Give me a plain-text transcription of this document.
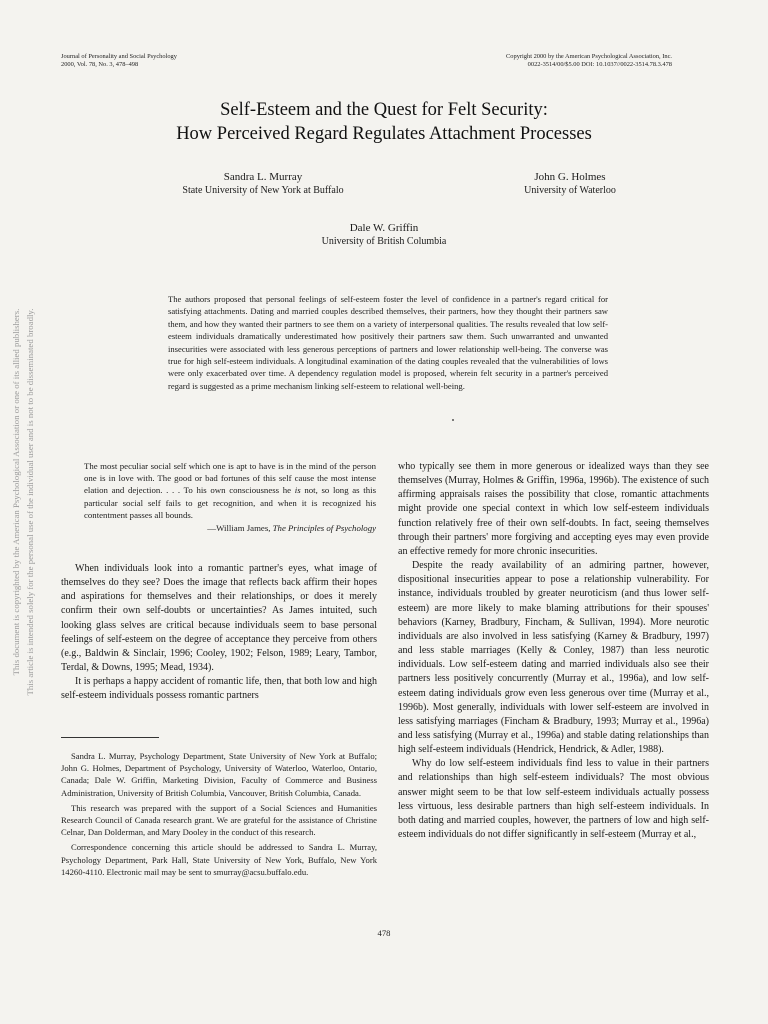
Journal of Personality and Social Psychology
2000, Vol. 78, No. 3, 478–498
Copyright 2000 by the American Psychological Association, Inc.
0022-3514/00/$5.00 DOI: 10.1037//0022-3514.78.3.478
Self-Esteem and the Quest for Felt Security:
How Perceived Regard Regulates Attachment Processes
Sandra L. Murray
State University of New York at Buffalo
John G. Holmes
University of Waterloo
Dale W. Griffin
University of British Columbia
The authors proposed that personal feelings of self-esteem foster the level of confidence in a partner's regard critical for satisfying attachments. Dating and married couples described themselves, their partners, how they thought their partners saw them, and how they wanted their partners to see them on a variety of interpersonal qualities. The results revealed that low self-esteem individuals dramatically underestimated how positively their partners saw them. Such unwarranted and unwanted insecurities were associated with less generous perceptions of partners and lower relationship well-being. The converse was true for high self-esteem individuals. A longitudinal examination of the dating couples revealed that the vulnerabilities of lows were only exacerbated over time. A dependency regulation model is proposed, wherein felt security in a partner's perceived regard is suggested as a prime mechanism linking self-esteem to relational well-being.
This document is copyrighted by the American Psychological Association or one of its allied publishers. This article is intended solely for the personal use of the individual user and is not to be disseminated broadly.	The most peculiar social self which one is apt to have is in the mind of the person one is in love with. The good or bad fortunes of this self cause the most intense elation and dejection. . . . To his own consciousness he is not, so long as this particular social self fails to get recognition, and when it is recognized his contentment passes all bounds.
—William James, The Principles of Psychology

When individuals look into a romantic partner's eyes, what image of themselves do they see? Does the image that reflects back affirm their hopes and aspirations for themselves and their relationships, or does it merely confirm their own self-doubts or uncertainties? As James intuited, such looking glass selves are critical because individuals seem to base personal feelings of self-esteem on the degree of acceptance they perceive from others (e.g., Baldwin & Sinclair, 1996; Cooley, 1902; Felson, 1989; Leary, Tambor, Terdal, & Downs, 1995; Mead, 1934).

It is perhaps a happy accident of romantic life, then, that both low and high self-esteem individuals possess romantic partners

Sandra L. Murray, Psychology Department, State University of New York at Buffalo; John G. Holmes, Department of Psychology, University of Waterloo, Waterloo, Ontario, Canada; Dale W. Griffin, Marketing Division, Faculty of Commerce and Business Administration, University of British Columbia, Vancouver, British Columbia, Canada.

This research was prepared with the support of a Social Sciences and Humanities Research Council of Canada research grant. We are grateful for the assistance of Christine Celnar, Dan Dolderman, and Mary Dooley in the conduct of this research.

Correspondence concerning this article should be addressed to Sandra L. Murray, Psychology Department, Park Hall, State University of New York, Buffalo, New York 14260-4110. Electronic mail may be sent to smurray@acsu.buffalo.edu.

who typically see them in more generous or idealized ways than they see themselves (Murray, Holmes & Griffin, 1996a, 1996b). The existence of such affirming appraisals raises the possibility that close, romantic attachments might provide one special context in which low self-esteem individuals function relatively free of their own self-doubts. In fact, seeing themselves through their partners' more forgiving and accepting eyes may even provide an effective remedy for more chronic insecurities.

Despite the ready availability of an admiring partner, however, dispositional insecurities appear to pose a relationship vulnerability. For instance, individuals troubled by greater neuroticism (and thus lower self-esteem) are more likely to make blaming attributions for their spouses' behaviors (Karney, Bradbury, Fincham, & Sullivan, 1994). More neurotic individuals are also involved in less satisfying (Karney & Bradbury, 1997) and less stable marriages (Kelly & Conley, 1987) than less neurotic individuals. Low self-esteem dating and married individuals also see their partners less positively concurrently (Murray et al., 1996a), and low self-esteem dating individuals grow even less generous over time (Murray et al., 1996b). Most generally, individuals with lower self-esteem are involved in less satisfying marriages (Fincham & Bradbury, 1993; Murray et al., 1996a) and less satisfying (Murray et al., 1996a) and stable dating relationships than high self-esteem individuals (Hendrick, Hendrick, & Adler, 1988).

Why do low self-esteem individuals find less to value in their partners and relationships than high self-esteem individuals? The most obvious answer might seem to be that low self-esteem individuals actually possess less virtuous, less desirable partners than high self-esteem individuals. In both dating and married couples, however, the partners of low and high self-esteem individuals do not differ significantly in self-esteem (Murray et al.,

478
